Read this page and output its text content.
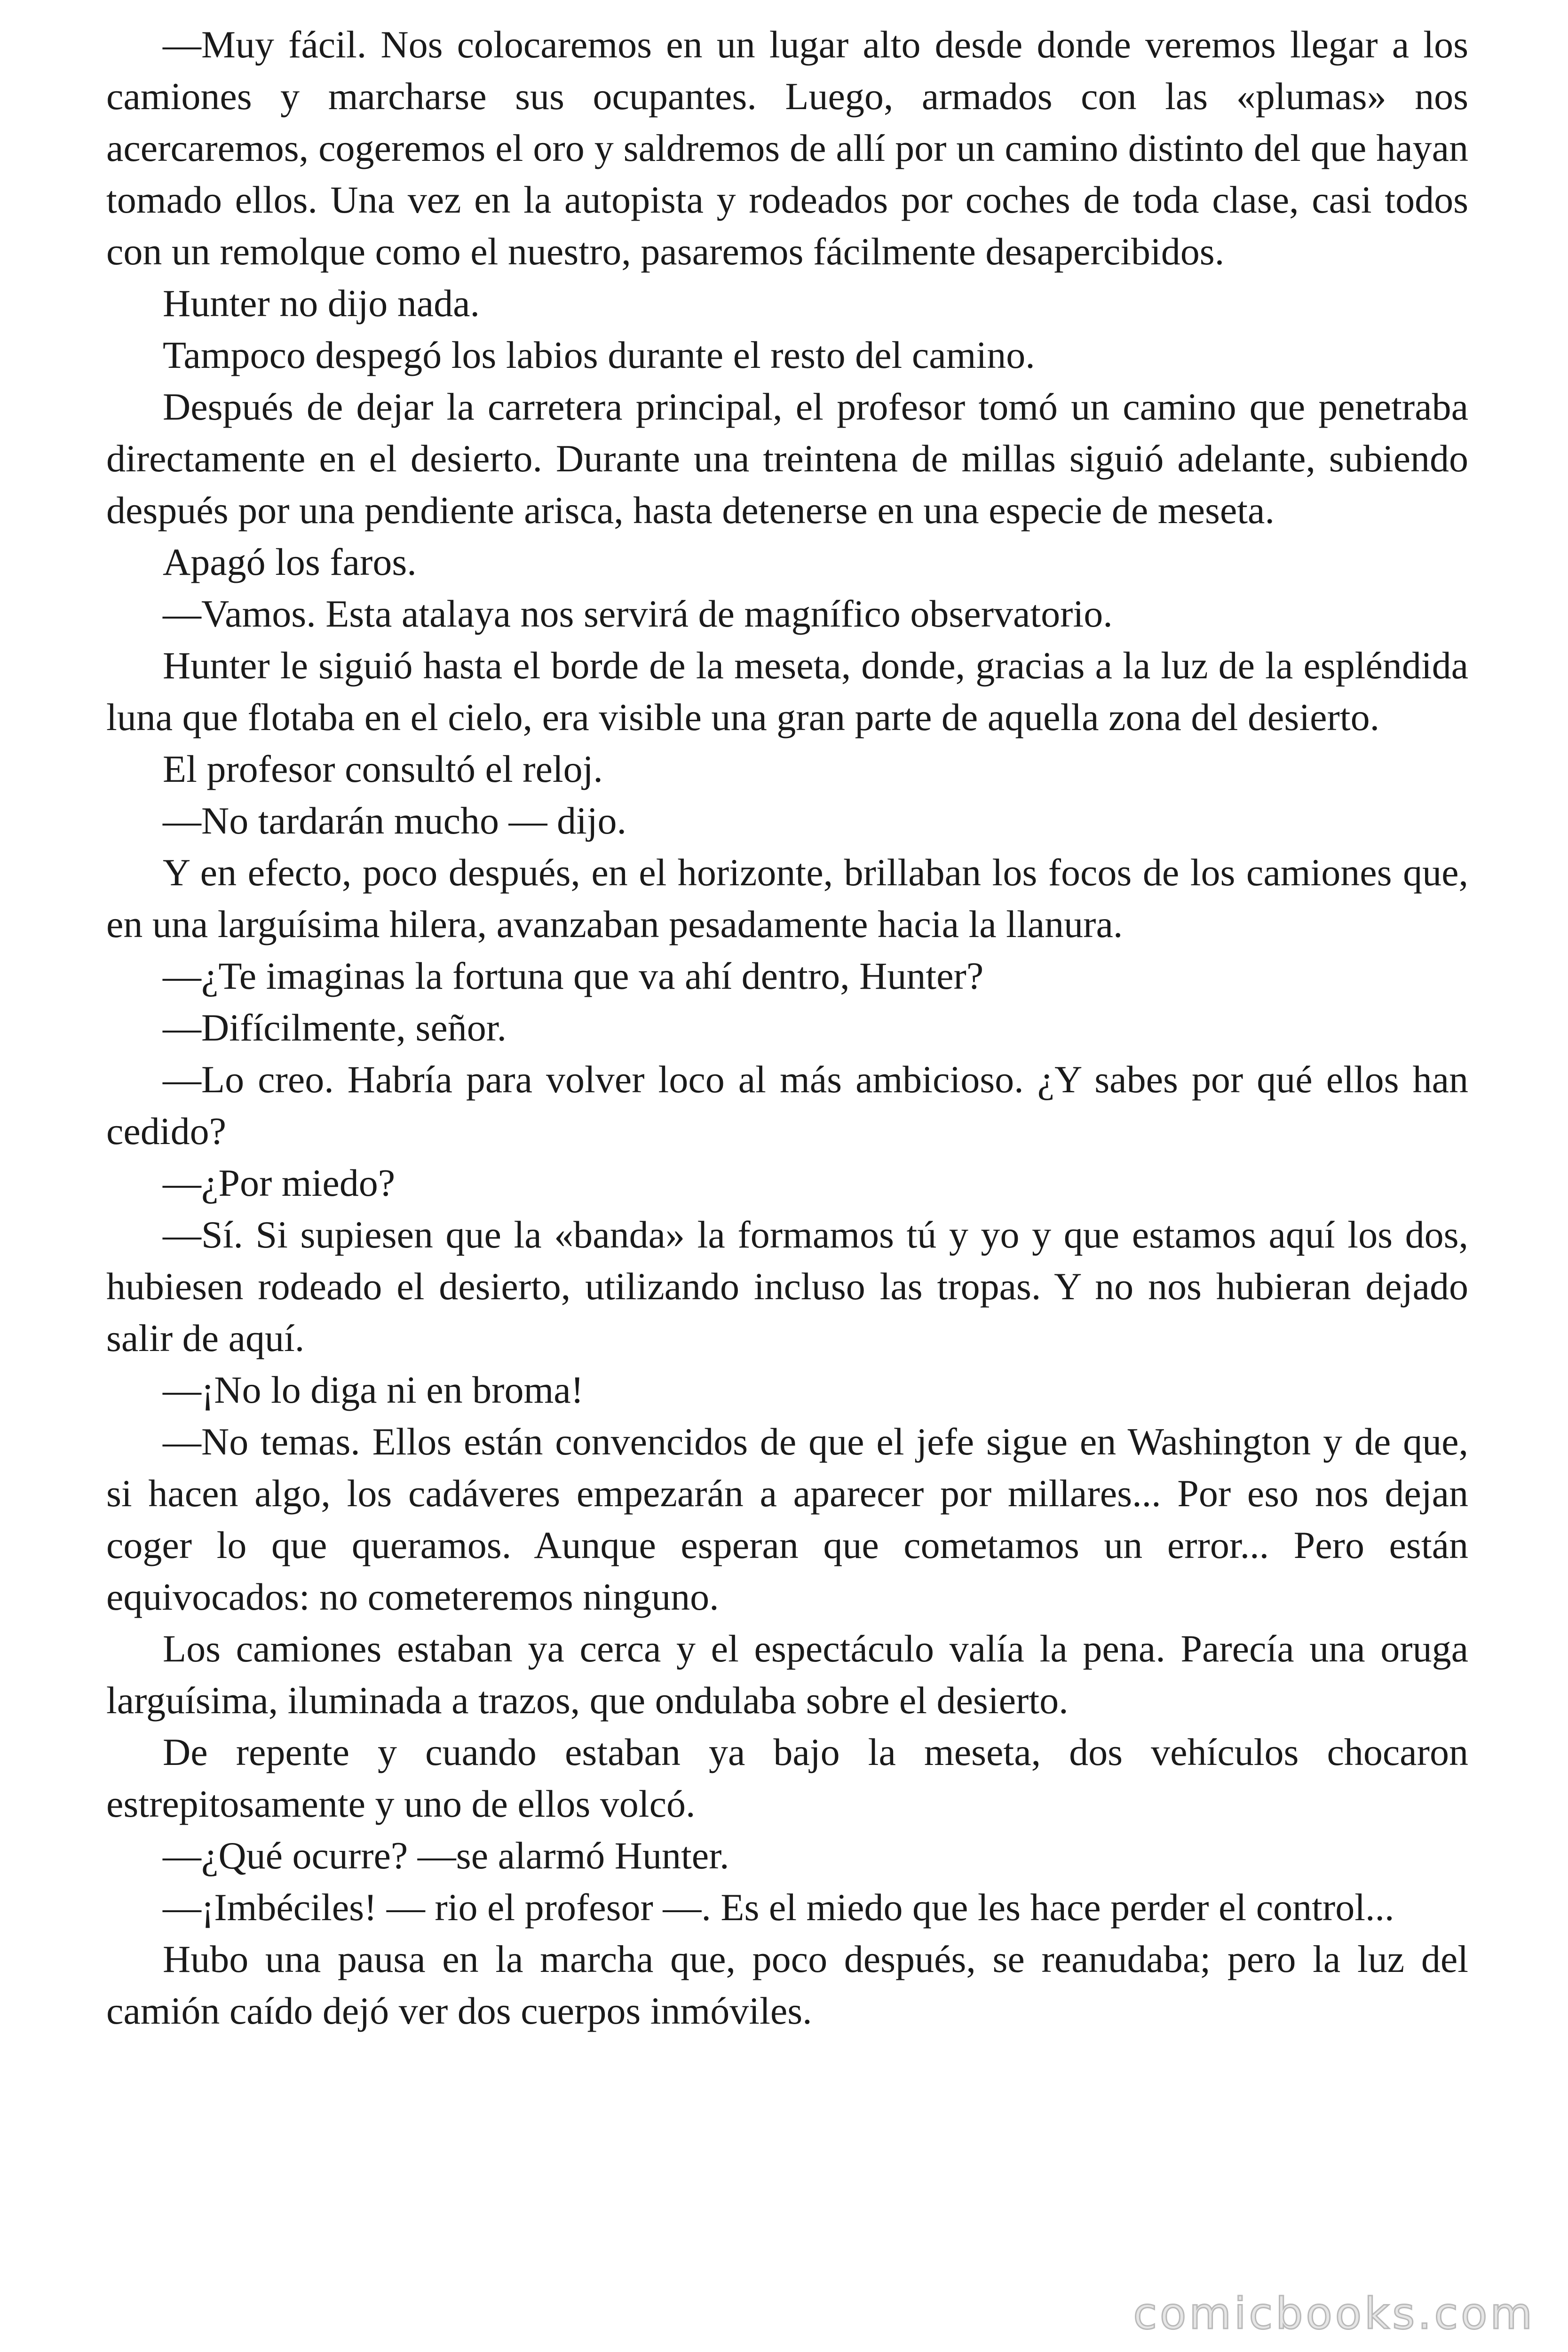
—Muy fácil. Nos colocaremos en un lugar alto desde donde veremos llegar a los camiones y marcharse sus ocupantes. Luego, armados con las «plumas» nos acercaremos, cogeremos el oro y saldremos de allí por un camino distinto del que hayan tomado ellos. Una vez en la autopista y rodeados por coches de toda clase, casi todos con un remolque como el nuestro, pasaremos fácilmente desapercibidos.

Hunter no dijo nada.

Tampoco despegó los labios durante el resto del camino.

Después de dejar la carretera principal, el profesor tomó un camino que penetraba directamente en el desierto. Durante una treintena de millas siguió adelante, subiendo después por una pendiente arisca, hasta detenerse en una especie de meseta.

Apagó los faros.

—Vamos. Esta atalaya nos servirá de magnífico observatorio.

Hunter le siguió hasta el borde de la meseta, donde, gracias a la luz de la espléndida luna que flotaba en el cielo, era visible una gran parte de aquella zona del desierto.

El profesor consultó el reloj.

—No tardarán mucho — dijo.

Y en efecto, poco después, en el horizonte, brillaban los focos de los camiones que, en una larguísima hilera, avanzaban pesadamente hacia la llanura.

—¿Te imaginas la fortuna que va ahí dentro, Hunter?

—Difícilmente, señor.

—Lo creo. Habría para volver loco al más ambicioso. ¿Y sabes por qué ellos han cedido?

—¿Por miedo?

—Sí. Si supiesen que la «banda» la formamos tú y yo y que estamos aquí los dos, hubiesen rodeado el desierto, utilizando incluso las tropas. Y no nos hubieran dejado salir de aquí.

—¡No lo diga ni en broma!

—No temas. Ellos están convencidos de que el jefe sigue en Washington y de que, si hacen algo, los cadáveres empezarán a aparecer por millares... Por eso nos dejan coger lo que queramos. Aunque esperan que cometamos un error... Pero están equivocados: no cometeremos ninguno.

Los camiones estaban ya cerca y el espectáculo valía la pena. Parecía una oruga larguísima, iluminada a trazos, que ondulaba sobre el desierto.

De repente y cuando estaban ya bajo la meseta, dos vehículos chocaron estrepitosamente y uno de ellos volcó.

—¿Qué ocurre? —se alarmó Hunter.

—¡Imbéciles! — rio el profesor —. Es el miedo que les hace perder el control...

Hubo una pausa en la marcha que, poco después, se reanudaba; pero la luz del camión caído dejó ver dos cuerpos inmóviles.

comicbooks.com
